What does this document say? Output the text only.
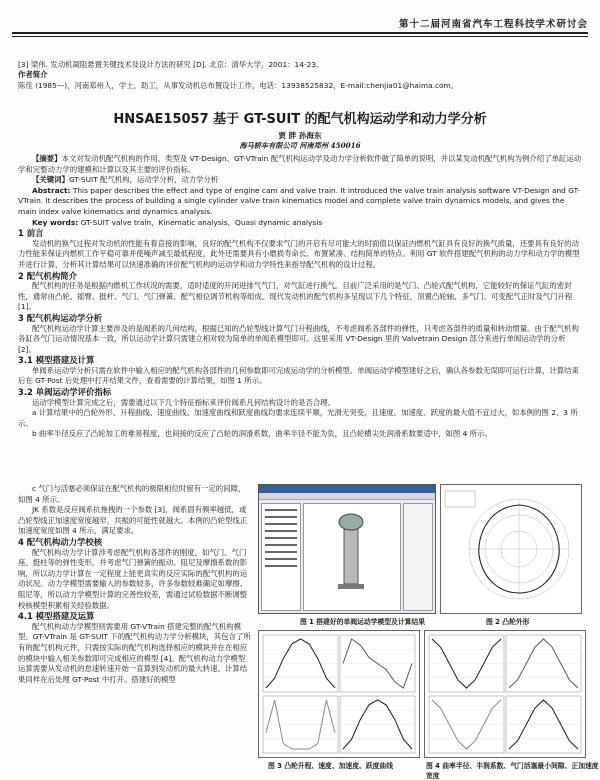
第十二届河南省汽车工程科技学术研讨会
[3] 梁伟. 发动机凝阻悬置关键技术及设计方法的研究 [D]. 北京：清华大学，2001：14-23.
作者简介
陈佳 (1985—)，河南郑州人，学士，助工，从事发动机总布置设计工作，电话：13938525832，E-mail:chenjia01@haima.com。
HNSAE15057 基于 GT-SUIT 的配气机构运动学和动力学分析
贾 胖 孙海东
海马轿车有限公司 河南郑州 450016

【摘要】本文对发动机配气机构的作用、类型及 VT-Design、GT-VTrain 配气机构运动学及动力学分析软件做了简单的说明，并以某发动机配气机构为例介绍了单缸运动学和完整动力学的建模和计算以及其主要的评价指标。

【关键词】GT-SUIT 配气机构，运动学分析，动力学分析

Abstract: This paper describes the effect and type of engine cam and valve train. It introduced the valve train analysis software VT-Design and GT-VTrain. It describes the process of building a single cylinder valve train kinematics model and complete valve train dynamics models, and gives the main index valve kinematics and dynamics analysis.

Key words: GT-SUIT valve train，Kinematic analysis，Quasi dynamic analysis

1 前言

发动机的换气过程对发动机的性能有着直接的影响，良好的配气机构不仅要求气门的开启有尽可能大的时面值以保证内燃机气缸具有良好的换气质量，还要具有良好的动力性能来保证内燃机工作平稳可靠并使噪声减至最低程度，此外还需要具有小磨损寿命长、布置紧凑、结构简单的特点。利用 GT 软件搭建配气机构的动力学和动力学的模型并进行计算，分析其计算结果可以快速准确的评价配气机构的运动学和动力学特性来指导配气机构的设计过程。

2 配气机构简介

配气机构的任务是根据内燃机工作状况的需要，适时适度的开闭进排气气门，对气缸进行换气。目前广泛采用的是气门、凸轮式配气机构，它能较好的保证气缸的密封性，通常由凸轮、摇臂、挺杆、气门、气门弹簧、配气相位调节机构等组成。现代发动机的配气机构多呈现以下几个特征，顶置凸轮轴、多气门、可变配气正时及气门升程 [1]。

3 配气机构运动学分析

配气机构运动学计算主要涉及的是阀系的几何结构，根据已知的凸轮型线计算气门升程曲线，不考虑阀系各部件的弹性，只考虑各部件的质量和转动惯量。由于配气机构各缸各气门运动情况基本一致，所以运动学计算只需建立相对较为简单的单阀系模型即可。这里采用 VT-Design 里的 Valvetrain Design 部分来进行单阀运动学的分析 [2]。

3.1 模型搭建及计算

单阀系运动学分析只需在软件中输入相应的配气机构各部件的几何参数即可完成运动学的分析模型。单阀运动学模型建好之后，确认各参数无误即可运行计算，计算结束后在 GT-Post 后处理中打开结果文件，查看需要的计算结果，如图 1 所示。

3.2 单阀运动学评价指标

运动学模型计算完成之后，需要通过以下几个特征指标来评价阀系凡何结构设计的是否合理。

a 计算结果中的凸轮外形、升程曲线、速度曲线、加速度曲线和跃度曲线均要求连续平顺，光滑无突变，且速度、加速度、跃度的最大值不宜过大，如本例的图 2、3 所示。

b 曲率半径反应了凸轮加工的难易程度，也间接的反应了凸轮的润滑系数，曲率半径不能为负，且凸轮横尖处润滑系数要适中，如图 4 所示。

c 气门与活塞必须保证在配气机构的极限相位时留有一定的间隙，如图 4 所示。

JK 系数是反应阀系抗拖拽的一个参数 [3]，阀系固有频率越低，或凸轮型线正加速度宽度越窄，共振的可能性就越大。本例的凸轮型线正加速度宽度如图 4 所示，满足要求。

4 配气机构动力学校核

配气机构动力学计算涉考虑配气机构各部件的刚度，如气门、气门座、挺柱等的弹性变形，并考虑气门弹簧的振动、阻尼及摩擦系数的影响，所以动力学计算在一定程度上能更真实的反应实际的配气机构的运动状况。动力学模型需要输入的参数较多，许多参数较难确定如摩擦、阻尼等，所以动力学模型计算的完善性较差，需通过试验数据不断调整校核模型积累相关经验数据。

4.1 模型搭建及运算

配气机构动力学模型则需要用 GT-VTrain 搭建完整的配气机构模型。GT-VTrain 是 GT-SUIT 下的配气机构动力学分析模块，其包含了所有的配气机构元件，只需按实际的配气机构选择相应的模块并在在相应的模块中输入相关参数即可完成相应的模型 [4]。配气机构动力学模型运算需要从发动机的怠速转速开始一直算到发动机的最大转速。计算结果同样在后处理 GT-Post 中打开。搭建好的模型

图 1 搭建好的单阀运动学模型及计算结果	图 2 凸轮外形
图 3 凸轮升程、速度、加速度、跃度曲线	图 4 曲率半径、丰润系数、气门活塞最小间隙、正加速度宽度
